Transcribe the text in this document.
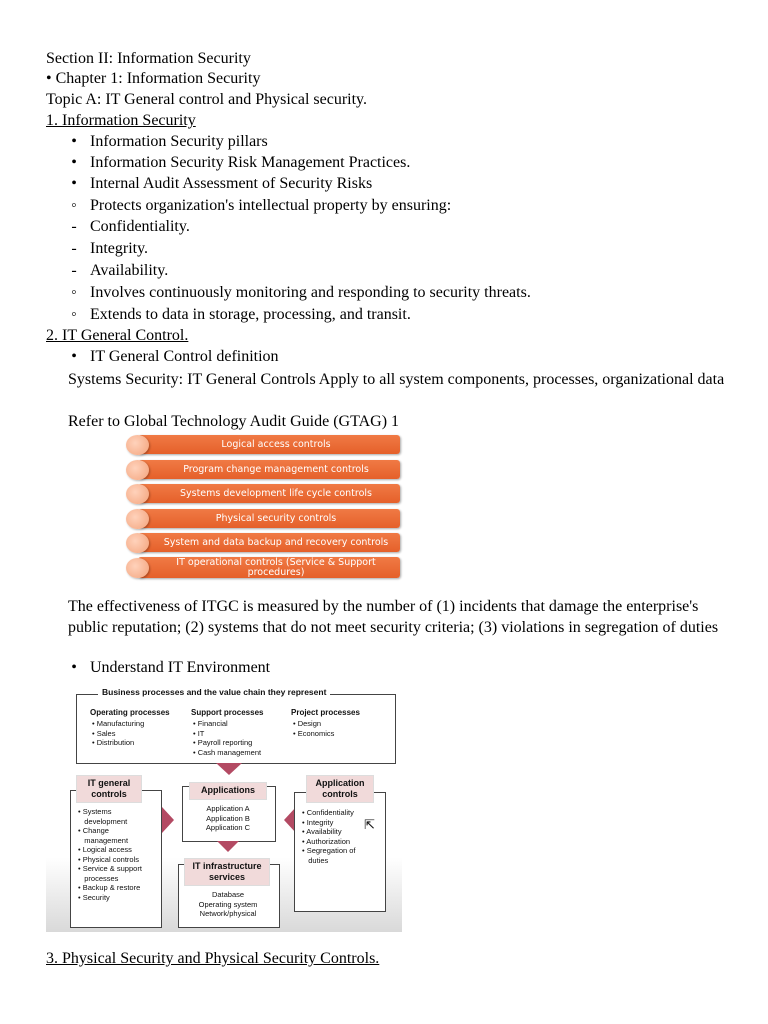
Section II: Information Security
• Chapter 1: Information Security
Topic A: IT General control and Physical security.
1. Information Security
• Information Security pillars
• Information Security Risk Management Practices.
• Internal Audit Assessment of Security Risks
◦ Protects organization's intellectual property by ensuring:
- Confidentiality.
- Integrity.
- Availability.
◦ Involves continuously monitoring and responding to security threats.
◦ Extends to data in storage, processing, and transit.
2. IT General Control.
• IT General Control definition
Systems Security: IT General Controls Apply to all system components, processes, organizational data
Refer to Global Technology Audit Guide (GTAG) 1
Logical access controls
Program change management controls
Systems development life cycle controls
Physical security controls
System and data backup and recovery controls
IT operational controls (Service & Support procedures)
The effectiveness of ITGC is measured by the number of (1) incidents that damage the enterprise's public reputation; (2) systems that do not meet security criteria; (3) violations in segregation of duties
• Understand IT Environment
Business processes and the value chain they represent
Operating processes
• Manufacturing
• Sales
• Distribution
Support processes
• Financial
• IT
• Payroll reporting
• Cash management
Project processes
• Design
• Economics
IT general controls
• Systems
development
• Change
management
• Logical access
• Physical controls
• Service & support
processes
• Backup & restore
• Security
Applications
Application A
Application B
Application C
Application controls
• Confidentiality
• Integrity
• Availability
• Authorization
• Segregation of
duties
⇱
IT infrastructure services
Database
Operating system
Network/physical
3. Physical Security and Physical Security Controls.
